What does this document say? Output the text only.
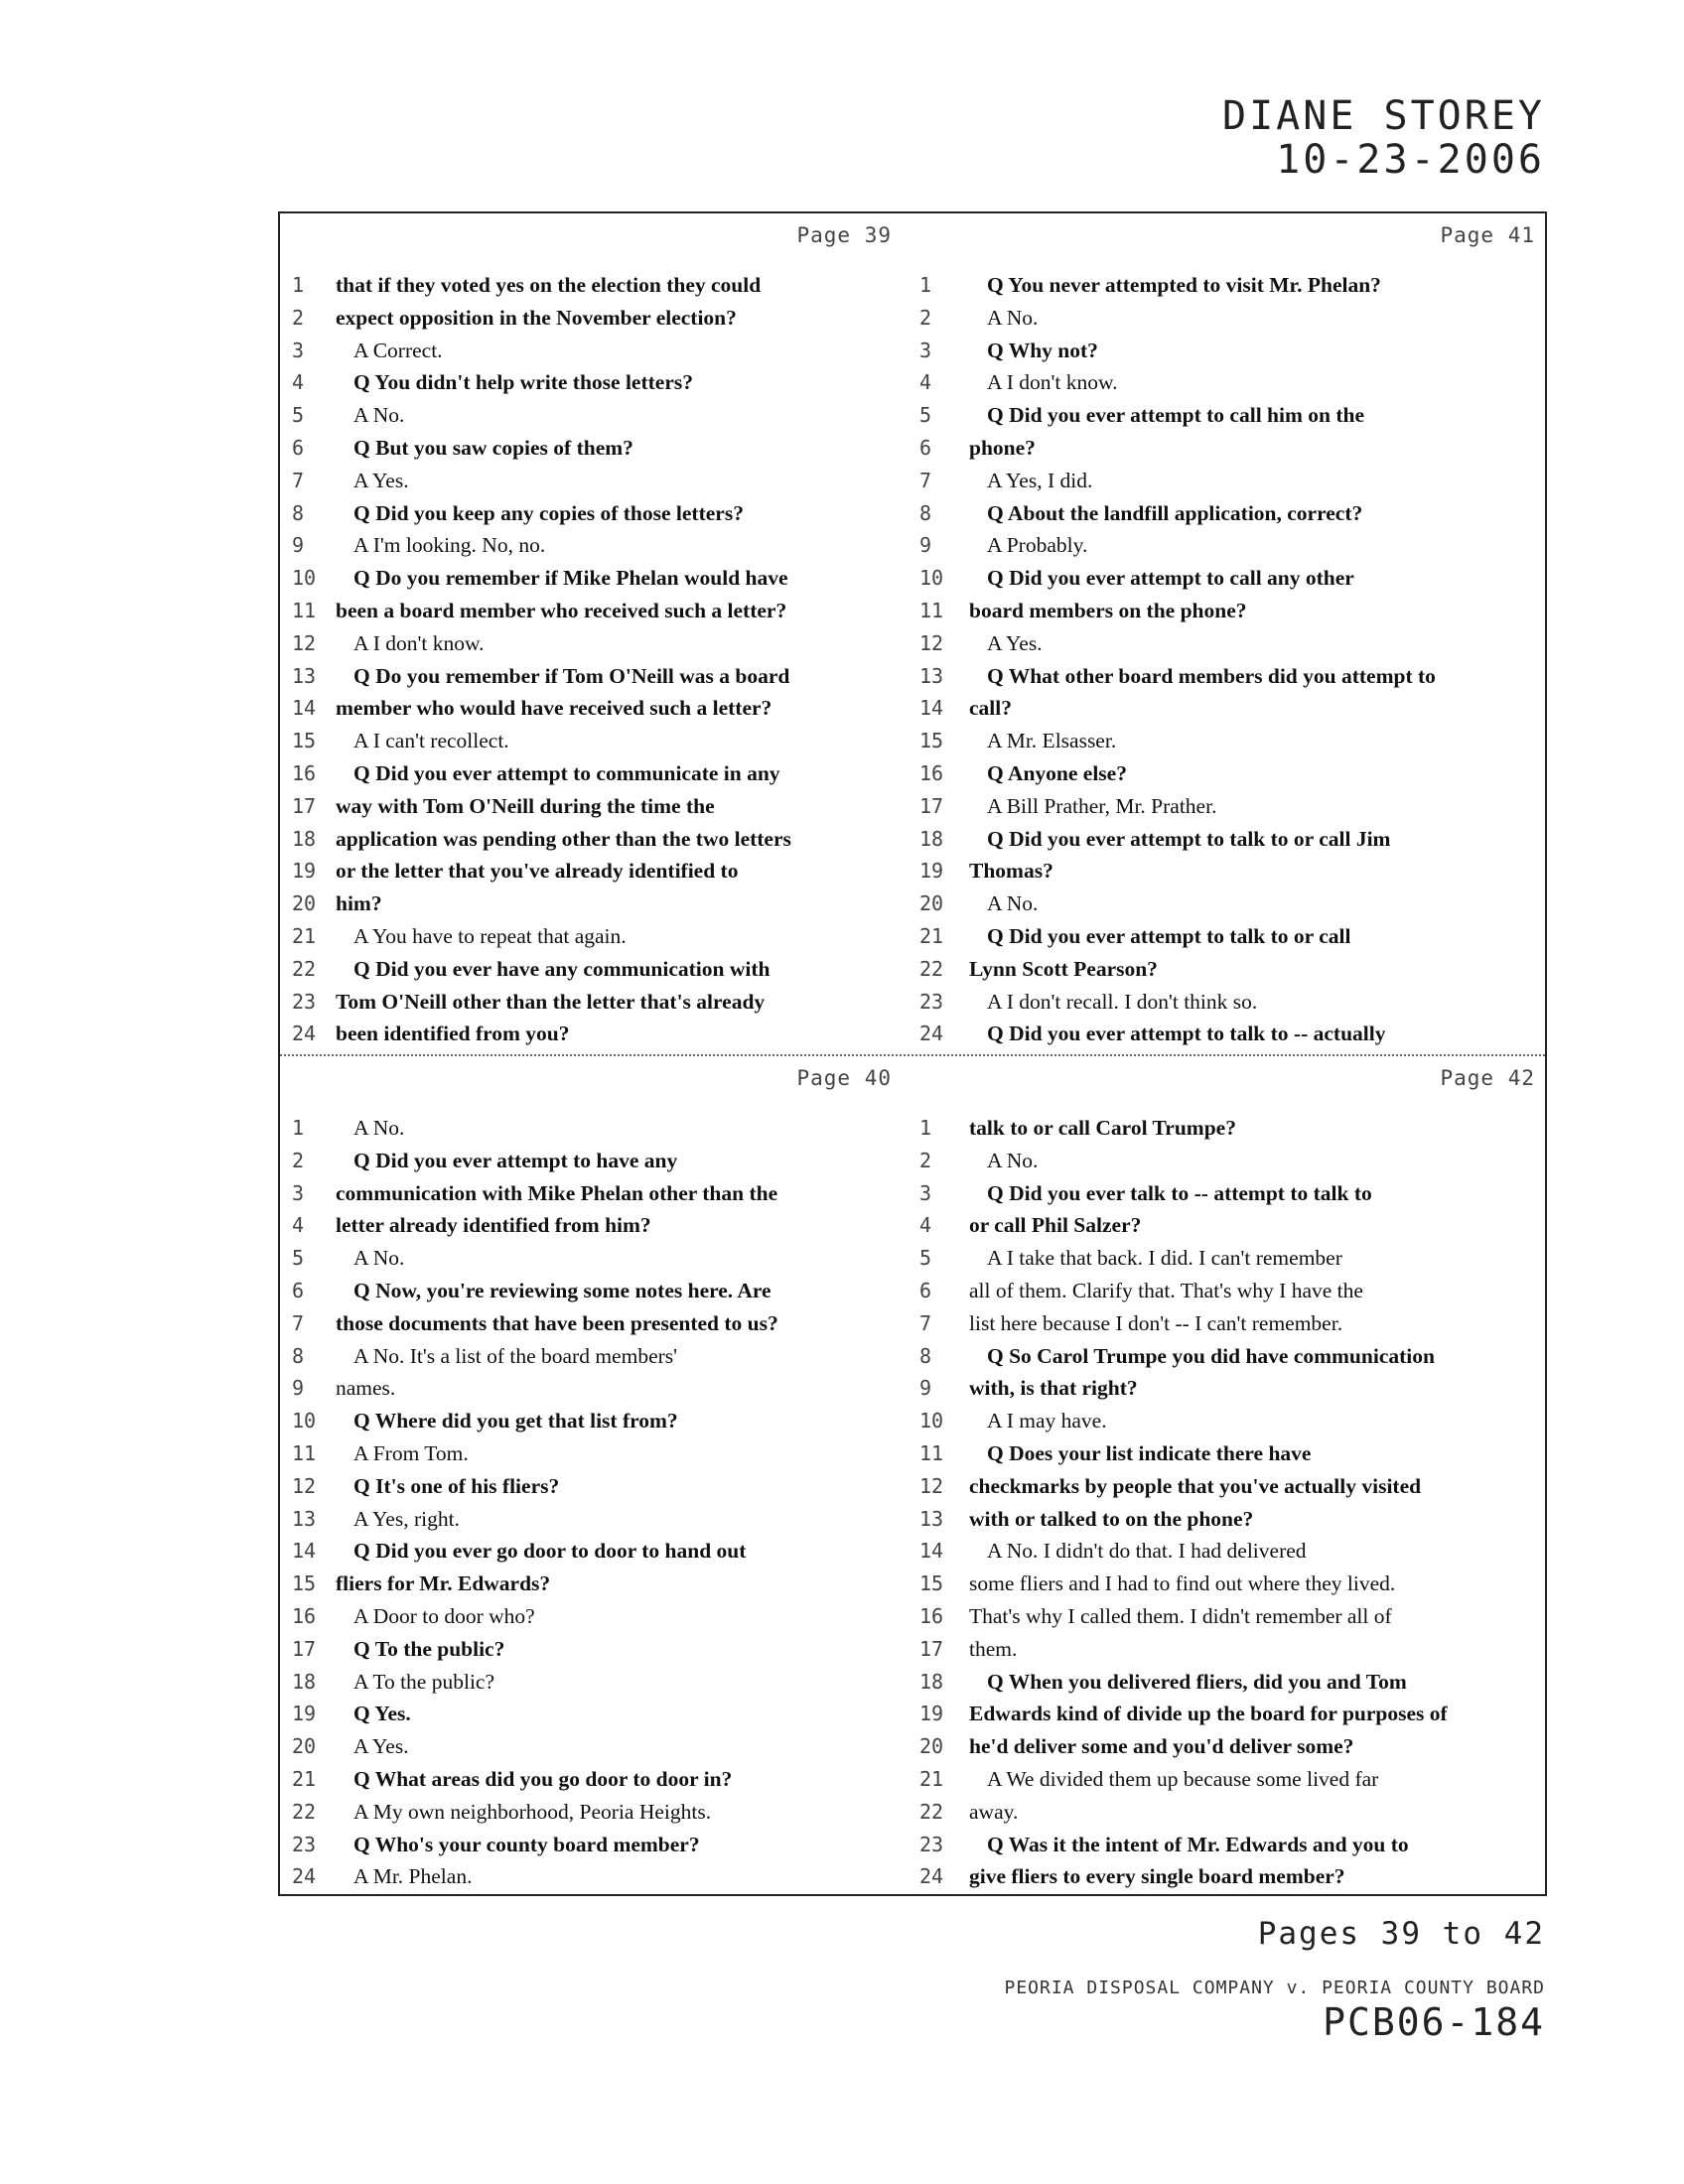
DIANE STOREY
10-23-2006
Page 39
1	that if they voted yes on the election they could
2	expect opposition in the November election?
3	A Correct.
4	Q You didn't help write those letters?
5	A No.
6	Q But you saw copies of them?
7	A Yes.
8	Q Did you keep any copies of those letters?
9	A I'm looking. No, no.
10	Q Do you remember if Mike Phelan would have
11 been a board member who received such a letter?
12	A I don't know.
13	Q Do you remember if Tom O'Neill was a board
14 member who would have received such a letter?
15	A I can't recollect.
16	Q Did you ever attempt to communicate in any
17 way with Tom O'Neill during the time the
18 application was pending other than the two letters
19 or the letter that you've already identified to
20 him?
21	A You have to repeat that again.
22	Q Did you ever have any communication with
23 Tom O'Neill other than the letter that's already
24 been identified from you?
Page 41
1	Q You never attempted to visit Mr. Phelan?
2	A No.
3	Q Why not?
4	A I don't know.
5	Q Did you ever attempt to call him on the
6	phone?
7	A Yes, I did.
8	Q About the landfill application, correct?
9	A Probably.
10	Q Did you ever attempt to call any other
11	board members on the phone?
12	A Yes.
13	Q What other board members did you attempt to
14	call?
15	A Mr. Elsasser.
16	Q Anyone else?
17	A Bill Prather, Mr. Prather.
18	Q Did you ever attempt to talk to or call Jim
19	Thomas?
20	A No.
21	Q Did you ever attempt to talk to or call
22	Lynn Scott Pearson?
23	A I don't recall. I don't think so.
24	Q Did you ever attempt to talk to -- actually
Page 40
1	A No.
2	Q Did you ever attempt to have any
3	communication with Mike Phelan other than the
4	letter already identified from him?
5	A No.
6	Q Now, you're reviewing some notes here. Are
7	those documents that have been presented to us?
8	A No. It's a list of the board members'
9	names.
10	Q Where did you get that list from?
11	A From Tom.
12	Q It's one of his fliers?
13	A Yes, right.
14	Q Did you ever go door to door to hand out
15 fliers for Mr. Edwards?
16	A Door to door who?
17	Q To the public?
18	A To the public?
19	Q Yes.
20	A Yes.
21	Q What areas did you go door to door in?
22	A My own neighborhood, Peoria Heights.
23	Q Who's your county board member?
24	A Mr. Phelan.
Page 42
1	talk to or call Carol Trumpe?
2	A No.
3	Q Did you ever talk to -- attempt to talk to
4	or call Phil Salzer?
5	A I take that back. I did. I can't remember
6	all of them. Clarify that. That's why I have the
7	list here because I don't -- I can't remember.
8	Q So Carol Trumpe you did have communication
9	with, is that right?
10	A I may have.
11	Q Does your list indicate there have
12	checkmarks by people that you've actually visited
13	with or talked to on the phone?
14	A No. I didn't do that. I had delivered
15	some fliers and I had to find out where they lived.
16	That's why I called them. I didn't remember all of
17	them.
18	Q When you delivered fliers, did you and Tom
19	Edwards kind of divide up the board for purposes of
20	he'd deliver some and you'd deliver some?
21	A We divided them up because some lived far
22	away.
23	Q Was it the intent of Mr. Edwards and you to
24	give fliers to every single board member?
Pages 39 to 42
PEORIA DISPOSAL COMPANY v. PEORIA COUNTY BOARD
PCB06-184
